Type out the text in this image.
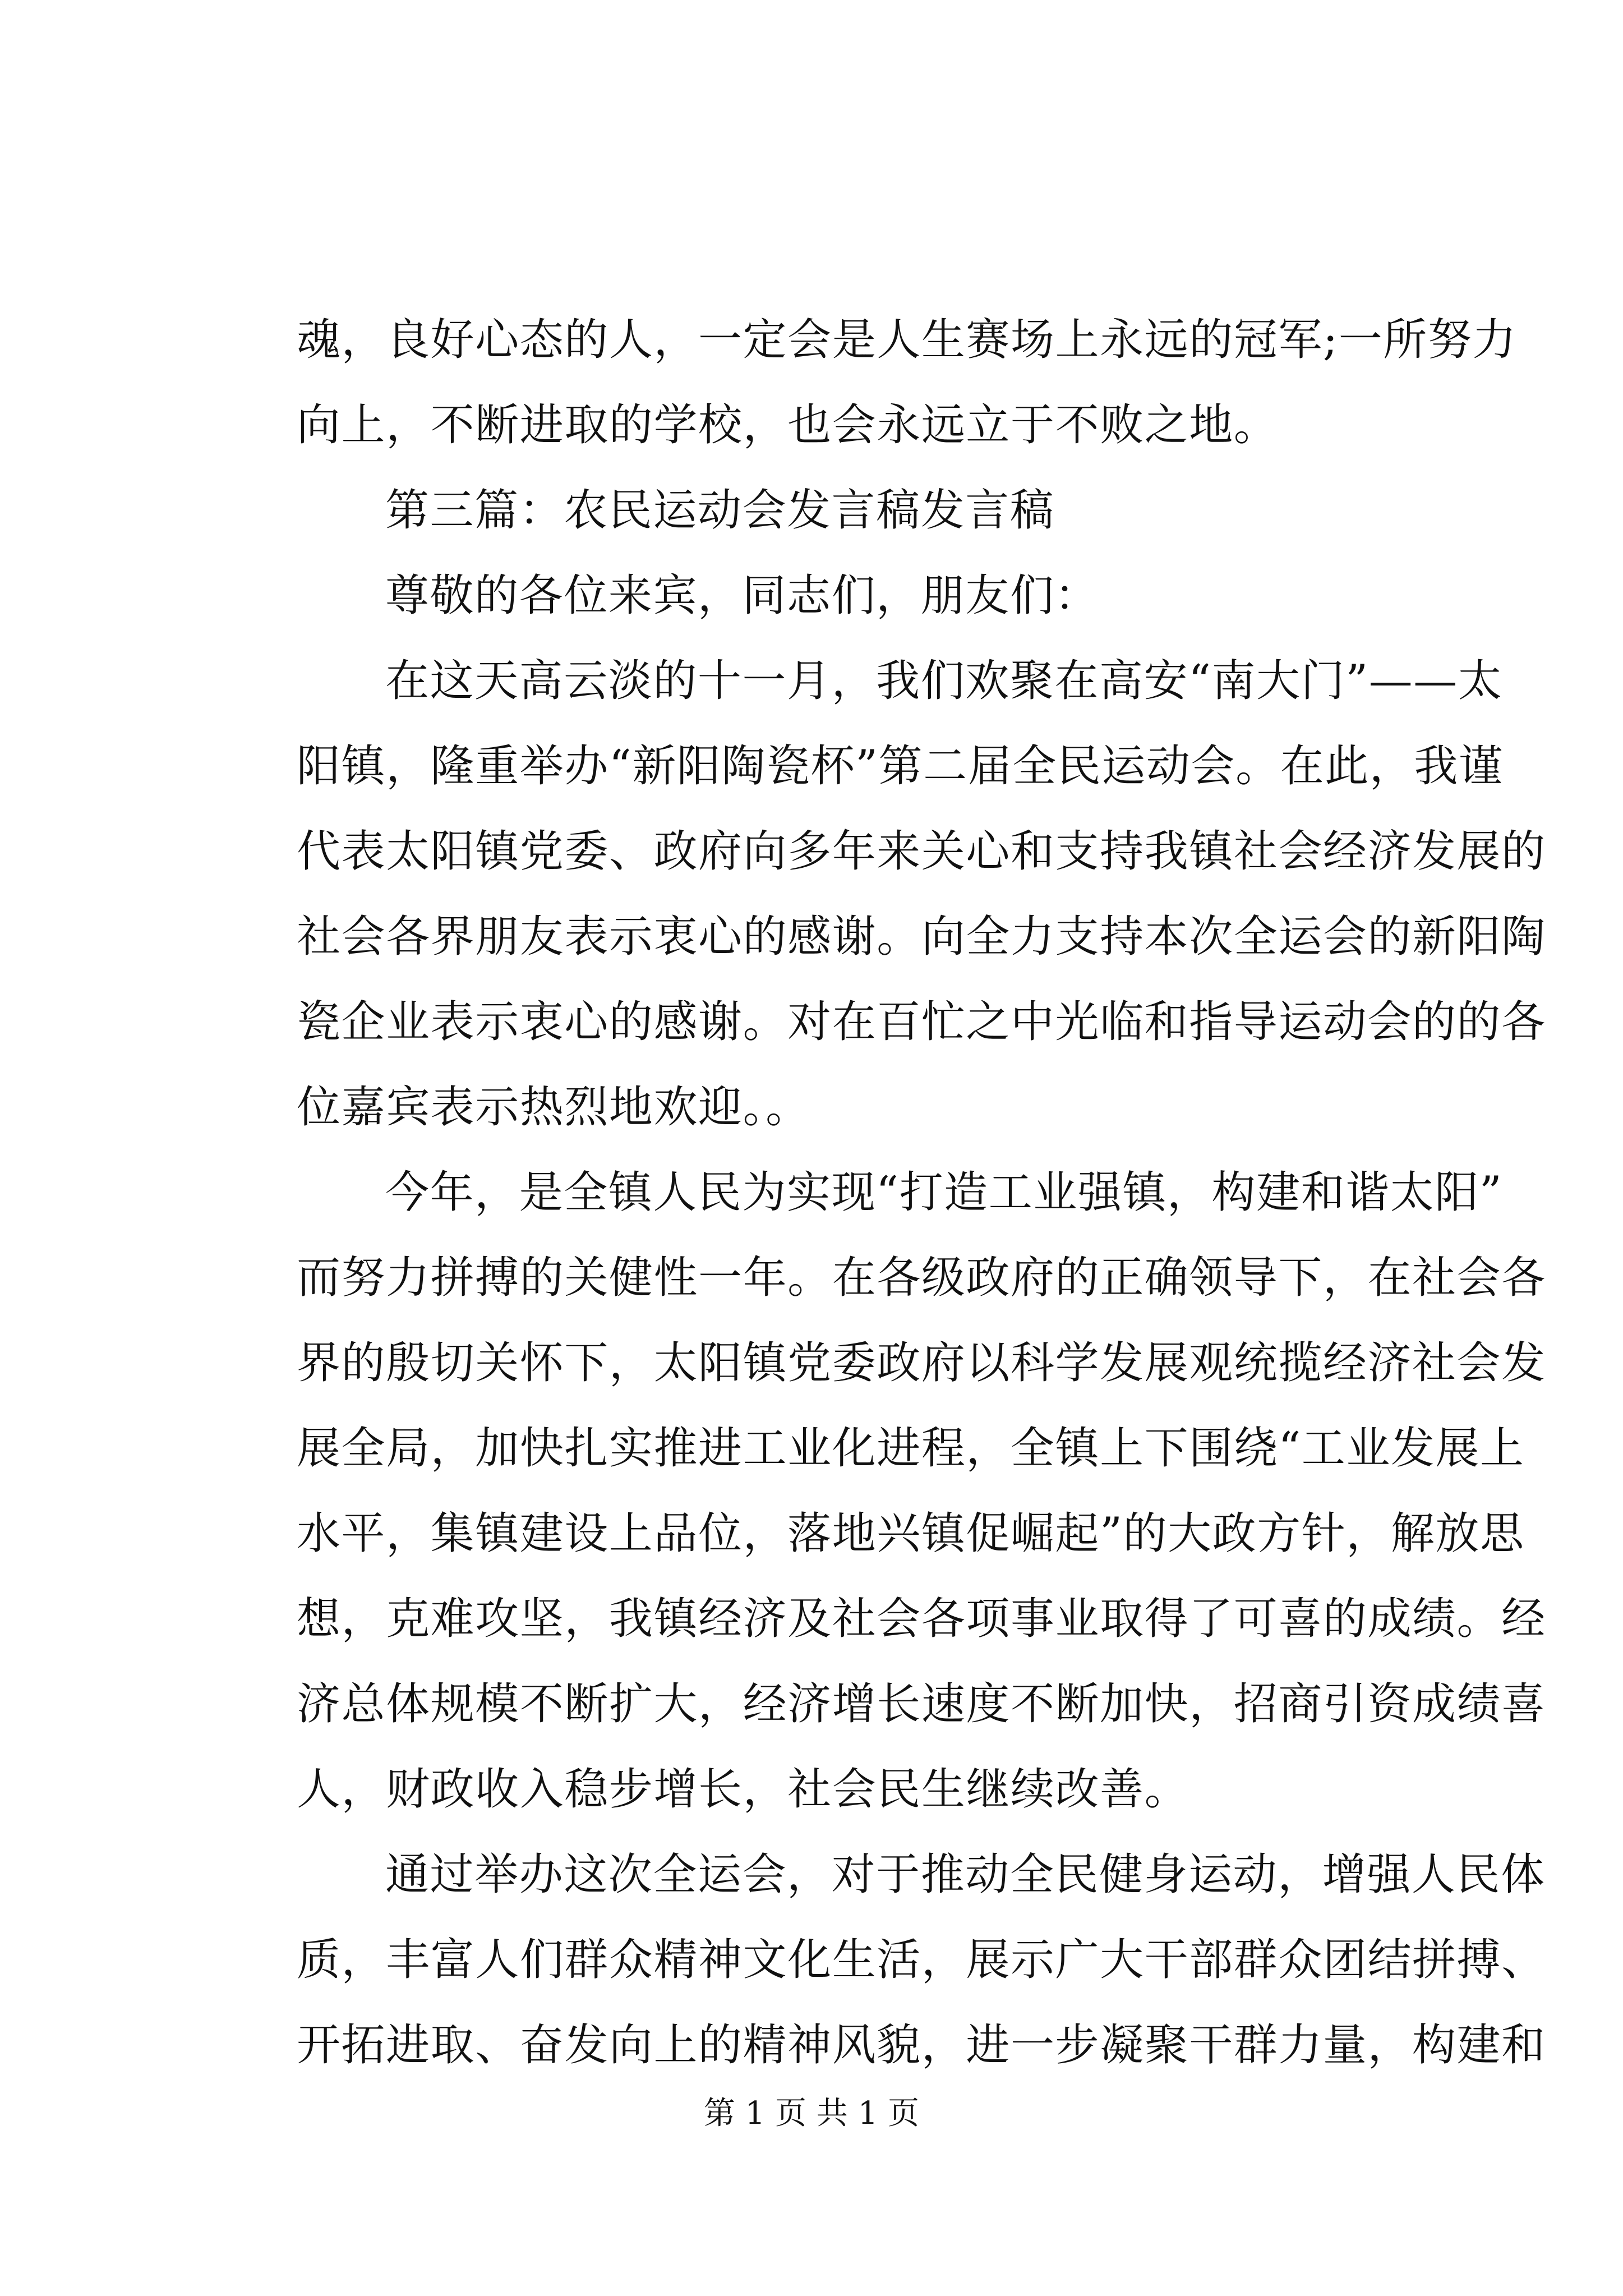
魂，良好心态的人，一定会是人生赛场上永远的冠军;一所努力
向上，不断进取的学校，也会永远立于不败之地。
第三篇：农民运动会发言稿发言稿
尊敬的各位来宾，同志们，朋友们：
在这天高云淡的十一月，我们欢聚在高安“南大门”——太
阳镇，隆重举办“新阳陶瓷杯”第二届全民运动会。在此，我谨
代表太阳镇党委、政府向多年来关心和支持我镇社会经济发展的
社会各界朋友表示衷心的感谢。向全力支持本次全运会的新阳陶
瓷企业表示衷心的感谢。对在百忙之中光临和指导运动会的的各
位嘉宾表示热烈地欢迎。。
今年，是全镇人民为实现“打造工业强镇，构建和谐太阳”
而努力拼搏的关健性一年。在各级政府的正确领导下，在社会各
界的殷切关怀下，太阳镇党委政府以科学发展观统揽经济社会发
展全局，加快扎实推进工业化进程，全镇上下围绕“工业发展上
水平，集镇建设上品位，落地兴镇促崛起”的大政方针，解放思
想，克难攻坚，我镇经济及社会各项事业取得了可喜的成绩。经
济总体规模不断扩大，经济增长速度不断加快，招商引资成绩喜
人，财政收入稳步增长，社会民生继续改善。
通过举办这次全运会，对于推动全民健身运动，增强人民体
质，丰富人们群众精神文化生活，展示广大干部群众团结拼搏、
开拓进取、奋发向上的精神风貌，进一步凝聚干群力量，构建和
第 1 页 共 1 页
